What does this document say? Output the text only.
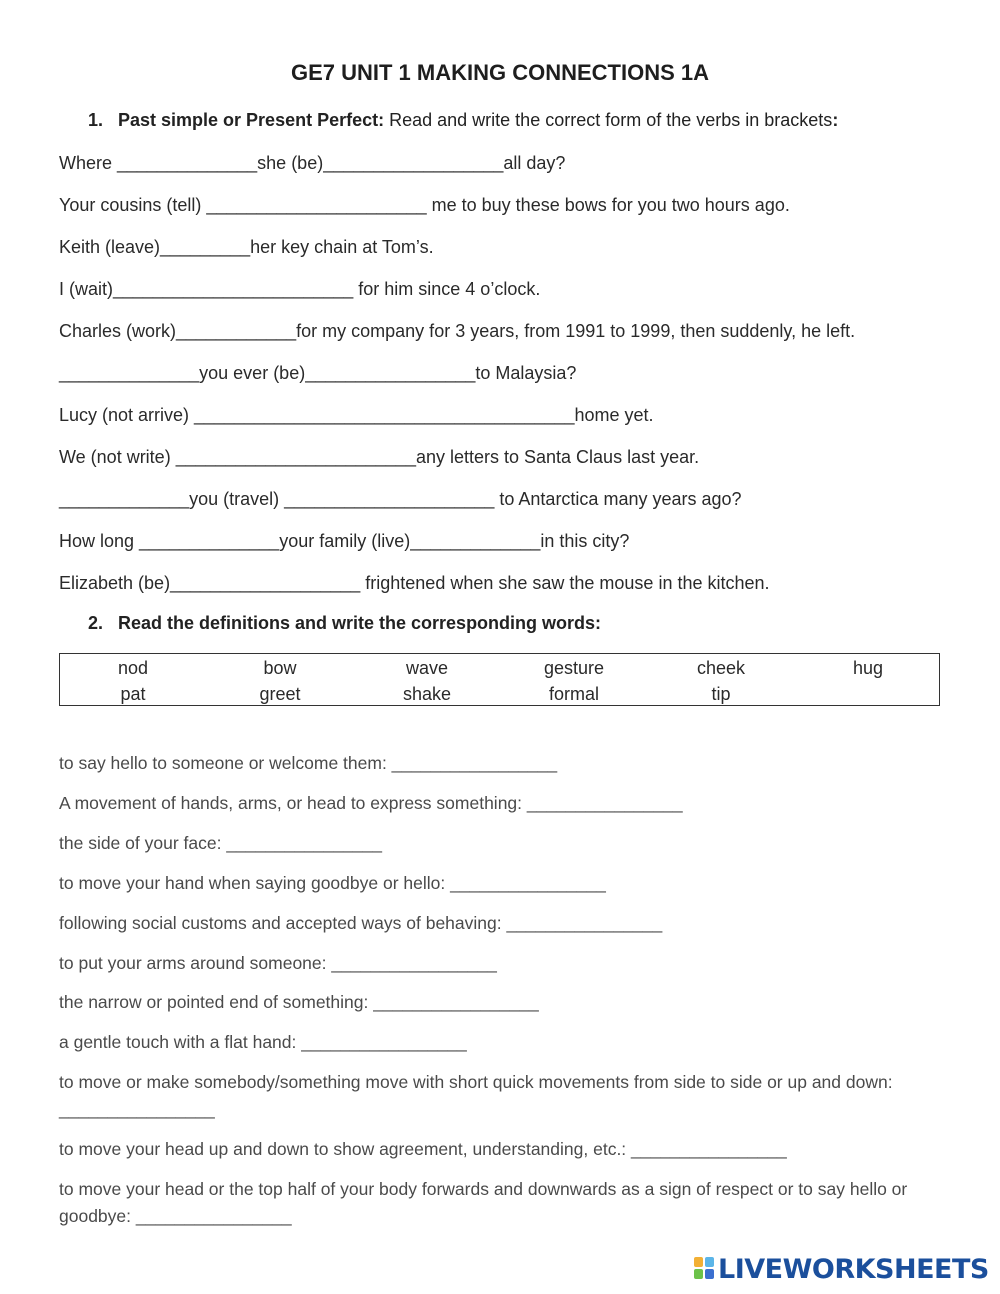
GE7 UNIT 1 MAKING CONNECTIONS 1A
1. Past simple or Present Perfect: Read and write the correct form of the verbs in brackets:
Where ______________she (be)__________________all day?
Your cousins (tell) ______________________ me to buy these bows for you two hours ago.
Keith (leave)_________her key chain at Tom’s.
I (wait)________________________ for him since 4 o’clock.
Charles (work)____________for my company for 3 years, from 1991 to 1999, then suddenly, he left.
______________you ever (be)_________________to Malaysia?
Lucy (not arrive) ______________________________________home yet.
We (not write) ________________________any letters to Santa Claus last year.
_____________you (travel) _____________________ to Antarctica many years ago?
How long ______________your family (live)_____________in this city?
Elizabeth (be)___________________ frightened when she saw the mouse in the kitchen.
2. Read the definitions and write the corresponding words:
nod	bow	wave	gesture	cheek	hug
pat	greet	shake	formal	tip
to say hello to someone or welcome them: _________________
A movement of hands, arms, or head to express something: ________________
the side of your face: ________________
to move your hand when saying goodbye or hello: ________________
following social customs and accepted ways of behaving: ________________
to put your arms around someone: _________________
the narrow or pointed end of something: _________________
a gentle touch with a flat hand: _________________
to move or make somebody/something move with short quick movements from side to side or up and down: ________________
to move your head up and down to show agreement, understanding, etc.: ________________
to move your head or the top half of your body forwards and downwards as a sign of respect or to say hello or goodbye: ________________
LIVEWORKSHEETS
